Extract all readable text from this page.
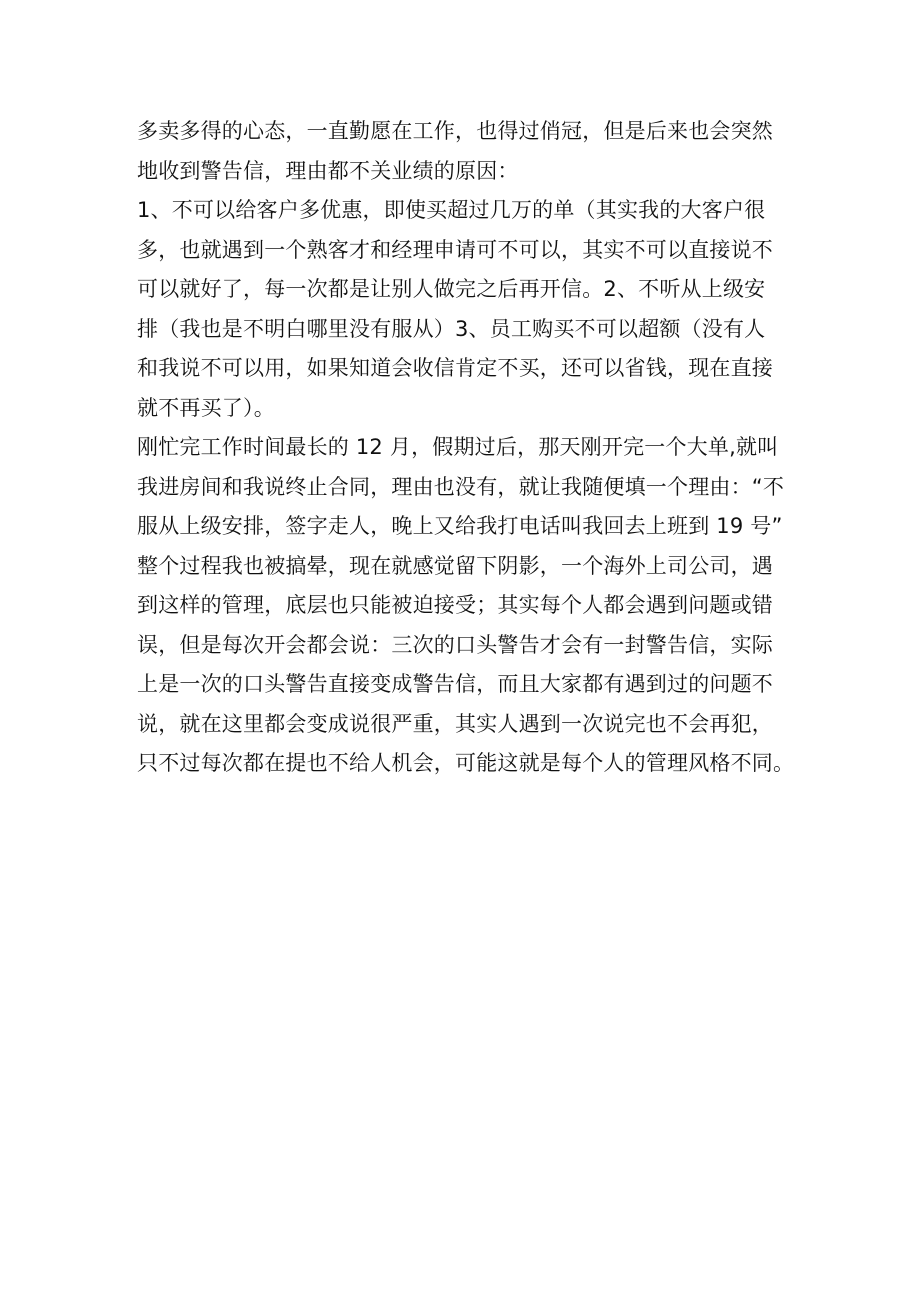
多卖多得的心态，一直勤愿在工作，也得过俏冠，但是后来也会突然
地收到警告信，理由都不关业绩的原因：
1、不可以给客户多优惠，即使买超过几万的单（其实我的大客户很
多，也就遇到一个熟客才和经理申请可不可以，其实不可以直接说不
可以就好了，每一次都是让别人做完之后再开信。2、不听从上级安
排（我也是不明白哪里没有服从）3、员工购买不可以超额（没有人
和我说不可以用，如果知道会收信肯定不买，还可以省钱，现在直接
就不再买了）。
刚忙完工作时间最长的 12 月，假期过后，那天刚开完一个大单,就叫
我进房间和我说终止合同，理由也没有，就让我随便填一个理由：“不
服从上级安排，签字走人，晚上又给我打电话叫我回去上班到 19 号”
整个过程我也被搞晕，现在就感觉留下阴影，一个海外上司公司，遇
到这样的管理，底层也只能被迫接受；其实每个人都会遇到问题或错
误，但是每次开会都会说：三次的口头警告才会有一封警告信，实际
上是一次的口头警告直接变成警告信，而且大家都有遇到过的问题不
说，就在这里都会变成说很严重，其实人遇到一次说完也不会再犯，
只不过每次都在提也不给人机会，可能这就是每个人的管理风格不同。
